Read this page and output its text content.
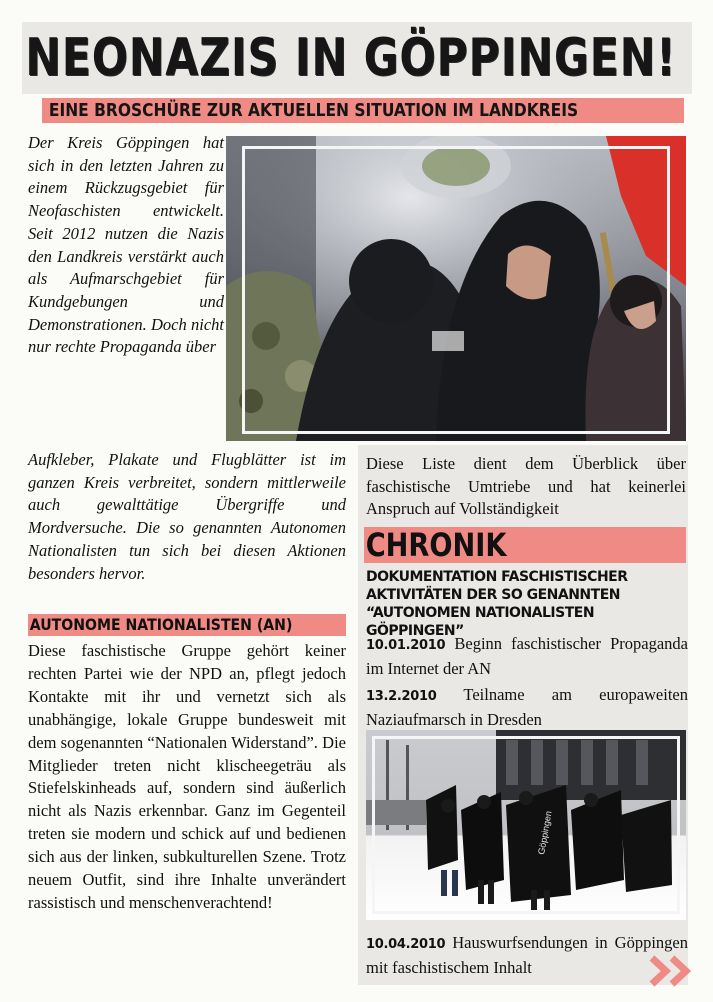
NEONAZIS IN GÖPPINGEN!
EINE BROSCHÜRE ZUR AKTUELLEN SITUATION IM LANDKREIS

Der Kreis Göppingen hat sich in den letzten Jahren zu einem Rückzugsgebiet für Neofaschisten entwickelt. Seit 2012 nutzen die Nazis den Landkreis verstärkt auch als Aufmarschgebiet für Kundgebungen und Demonstrationen. Doch nicht nur rechte Propaganda über

Aufkleber, Plakate und Flugblätter ist im ganzen Kreis verbreitet, sondern mittlerweile auch gewalttätige Übergriffe und Mordversuche. Die so genannten Autonomen Nationalisten tun sich bei diesen Aktionen besonders hervor.

AUTONOME NATIONALISTEN (AN)

Diese faschistische Gruppe gehört keiner rechten Partei wie der NPD an, pflegt jedoch Kontakte mit ihr und vernetzt sich als unabhängige, lokale Gruppe bundesweit mit dem sogenannten “Nationalen Widerstand”. Die Mitglieder treten nicht klischeegeträu als Stiefelskinheads auf, sondern sind äußerlich nicht als Nazis erkennbar. Ganz im Gegenteil treten sie modern und schick auf und bedienen sich aus der linken, subkulturellen Szene. Trotz neuem Outfit, sind ihre Inhalte unverändert rassistisch und menschenverachtend!

Diese Liste dient dem Überblick über faschistische Umtriebe und hat keinerlei Anspruch auf Vollständigkeit

CHRONIK

DOKUMENTATION FASCHISTISCHER AKTIVITÄTEN DER SO GENANNTEN “AUTONOMEN NATIONALISTEN GÖPPINGEN”

10.01.2010 Beginn faschistischer Propaganda im Internet der AN

13.2.2010 Teilname am europaweiten Naziaufmarsch in Dresden

Göppingen

10.04.2010 Hauswurfsendungen in Göppingen mit faschistischem Inhalt
